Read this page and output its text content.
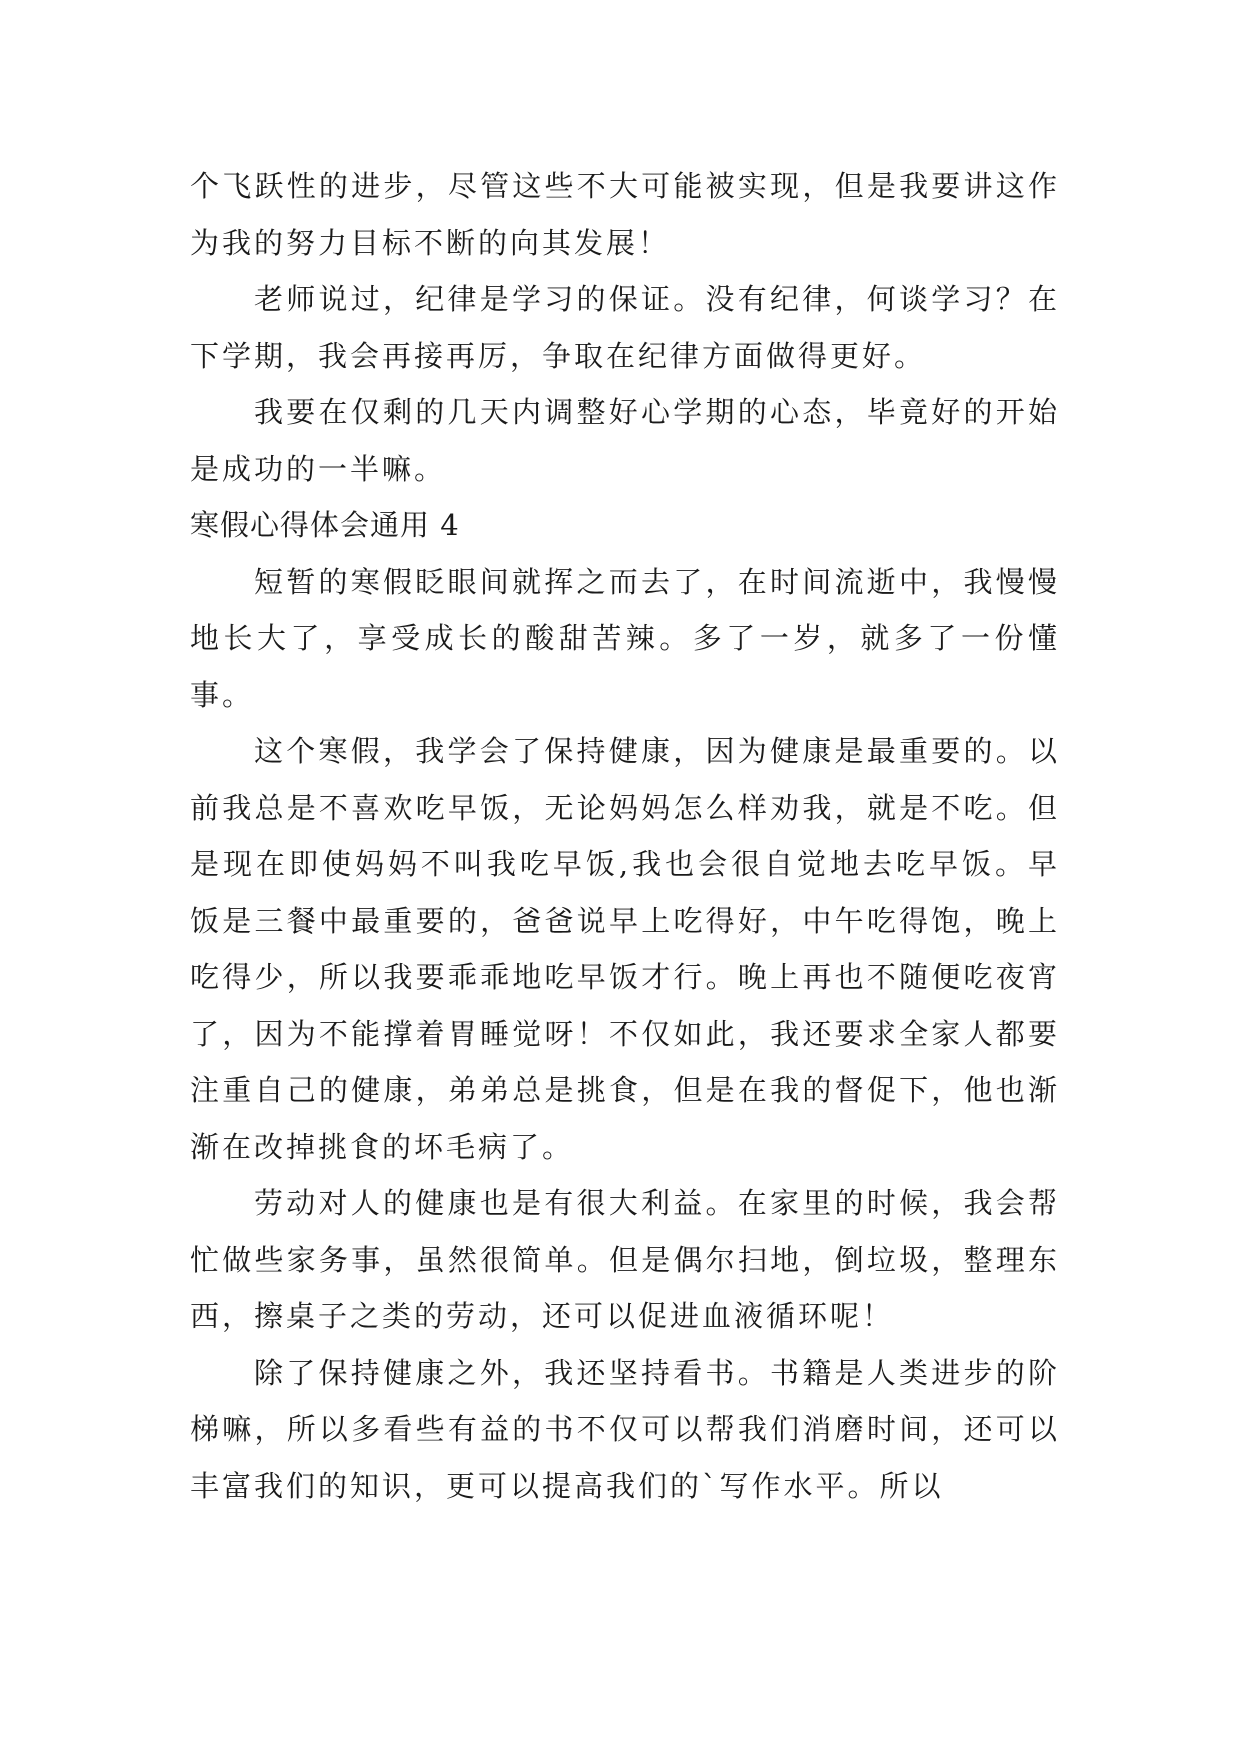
个飞跃性的进步，尽管这些不大可能被实现，但是我要讲这作为我的努力目标不断的向其发展！

老师说过，纪律是学习的保证。没有纪律，何谈学习？在下学期，我会再接再厉，争取在纪律方面做得更好。

我要在仅剩的几天内调整好心学期的心态，毕竟好的开始是成功的一半嘛。

寒假心得体会通用 4

短暂的寒假眨眼间就挥之而去了，在时间流逝中，我慢慢地长大了，享受成长的酸甜苦辣。多了一岁，就多了一份懂事。

这个寒假，我学会了保持健康，因为健康是最重要的。以前我总是不喜欢吃早饭，无论妈妈怎么样劝我，就是不吃。但是现在即使妈妈不叫我吃早饭,我也会很自觉地去吃早饭。早饭是三餐中最重要的，爸爸说早上吃得好，中午吃得饱，晚上吃得少，所以我要乖乖地吃早饭才行。晚上再也不随便吃夜宵了，因为不能撑着胃睡觉呀！不仅如此，我还要求全家人都要注重自己的健康，弟弟总是挑食，但是在我的督促下，他也渐渐在改掉挑食的坏毛病了。

劳动对人的健康也是有很大利益。在家里的时候，我会帮忙做些家务事，虽然很简单。但是偶尔扫地，倒垃圾，整理东西，擦桌子之类的劳动，还可以促进血液循环呢！

除了保持健康之外，我还坚持看书。书籍是人类进步的阶梯嘛，所以多看些有益的书不仅可以帮我们消磨时间，还可以丰富我们的知识，更可以提高我们的`写作水平。所以
